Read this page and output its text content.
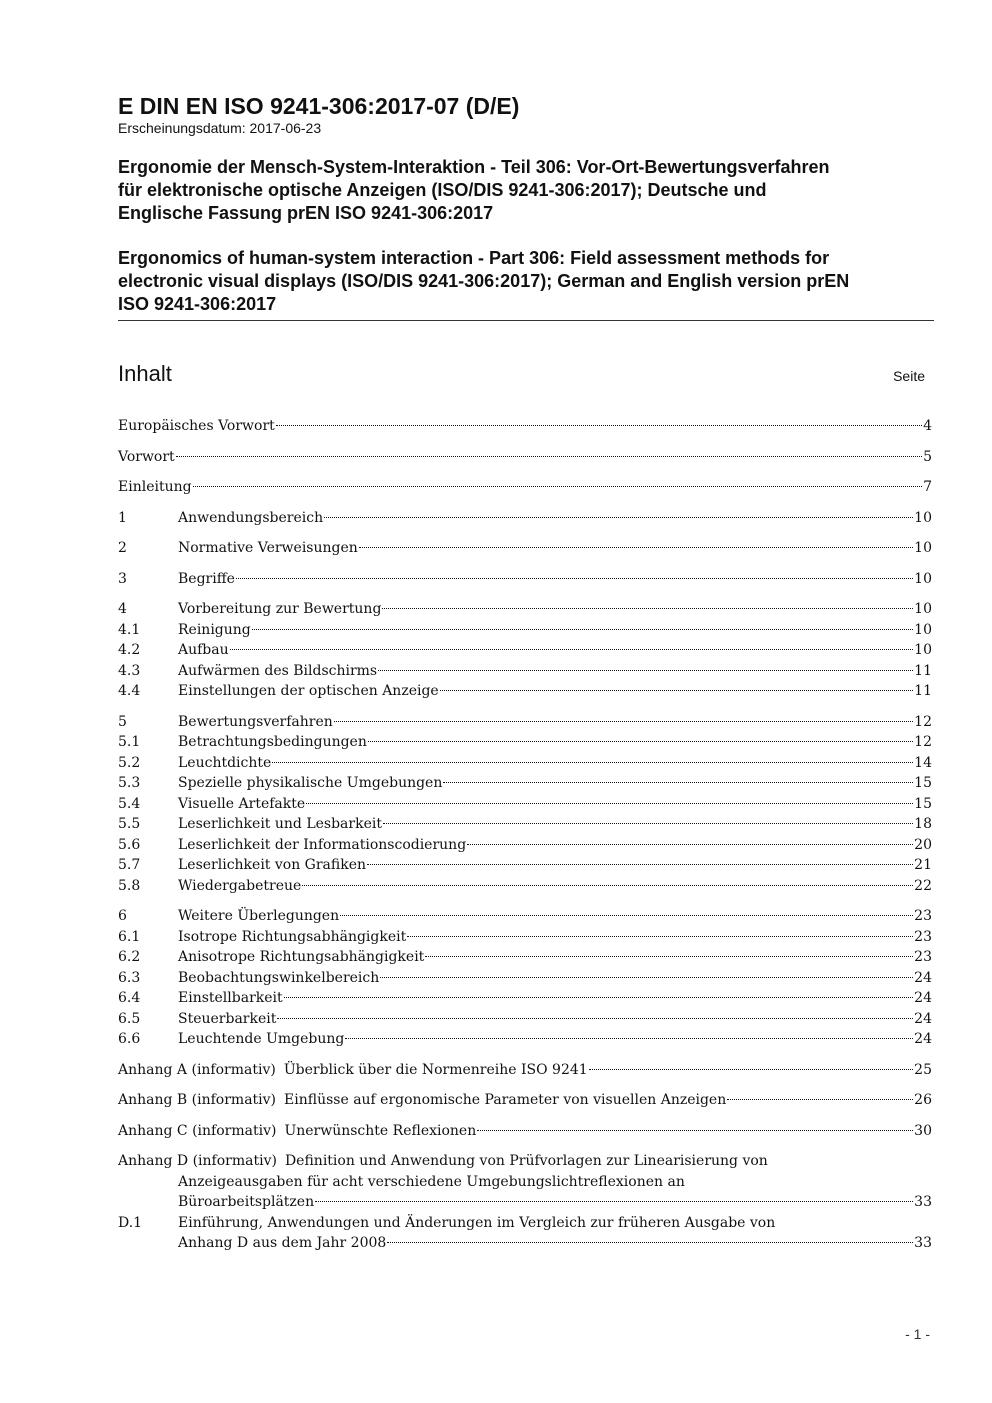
E DIN EN ISO 9241-306:2017-07 (D/E)

Erscheinungsdatum: 2017-06-23

Ergonomie der Mensch-System-Interaktion - Teil 306: Vor-Ort-Bewertungsverfahren
für elektronische optische Anzeigen (ISO/DIS 9241-306:2017); Deutsche und
Englische Fassung prEN ISO 9241-306:2017
Ergonomics of human-system interaction - Part 306: Field assessment methods for
electronic visual displays (ISO/DIS 9241-306:2017); German and English version prEN
ISO 9241-306:2017
Inhalt	Seite
Europäisches Vorwort	4
Vorwort	5
Einleitung	7
1	Anwendungsbereich	10
2	Normative Verweisungen	10
3	Begriffe	10
4	Vorbereitung zur Bewertung	10
4.1	Reinigung	10
4.2	Aufbau	10
4.3	Aufwärmen des Bildschirms	11
4.4	Einstellungen der optischen Anzeige	11
5	Bewertungsverfahren	12
5.1	Betrachtungsbedingungen	12
5.2	Leuchtdichte	14
5.3	Spezielle physikalische Umgebungen	15
5.4	Visuelle Artefakte	15
5.5	Leserlichkeit und Lesbarkeit	18
5.6	Leserlichkeit der Informationscodierung	20
5.7	Leserlichkeit von Grafiken	21
5.8	Wiedergabetreue	22
6	Weitere Überlegungen	23
6.1	Isotrope Richtungsabhängigkeit	23
6.2	Anisotrope Richtungsabhängigkeit	23
6.3	Beobachtungswinkelbereich	24
6.4	Einstellbarkeit	24
6.5	Steuerbarkeit	24
6.6	Leuchtende Umgebung	24
Anhang A (informativ) Überblick über die Normenreihe ISO 9241	25
Anhang B (informativ) Einflüsse auf ergonomische Parameter von visuellen Anzeigen	26
Anhang C (informativ) Unerwünschte Reflexionen	30
Anhang D (informativ) Definition und Anwendung von Prüfvorlagen zur Linearisierung von
Anzeigeausgaben für acht verschiedene Umgebungslichtreflexionen an
Büroarbeitsplätzen	33
D.1	Einführung, Anwendungen und Änderungen im Vergleich zur früheren Ausgabe von
Anhang D aus dem Jahr 2008	33
- 1 -
